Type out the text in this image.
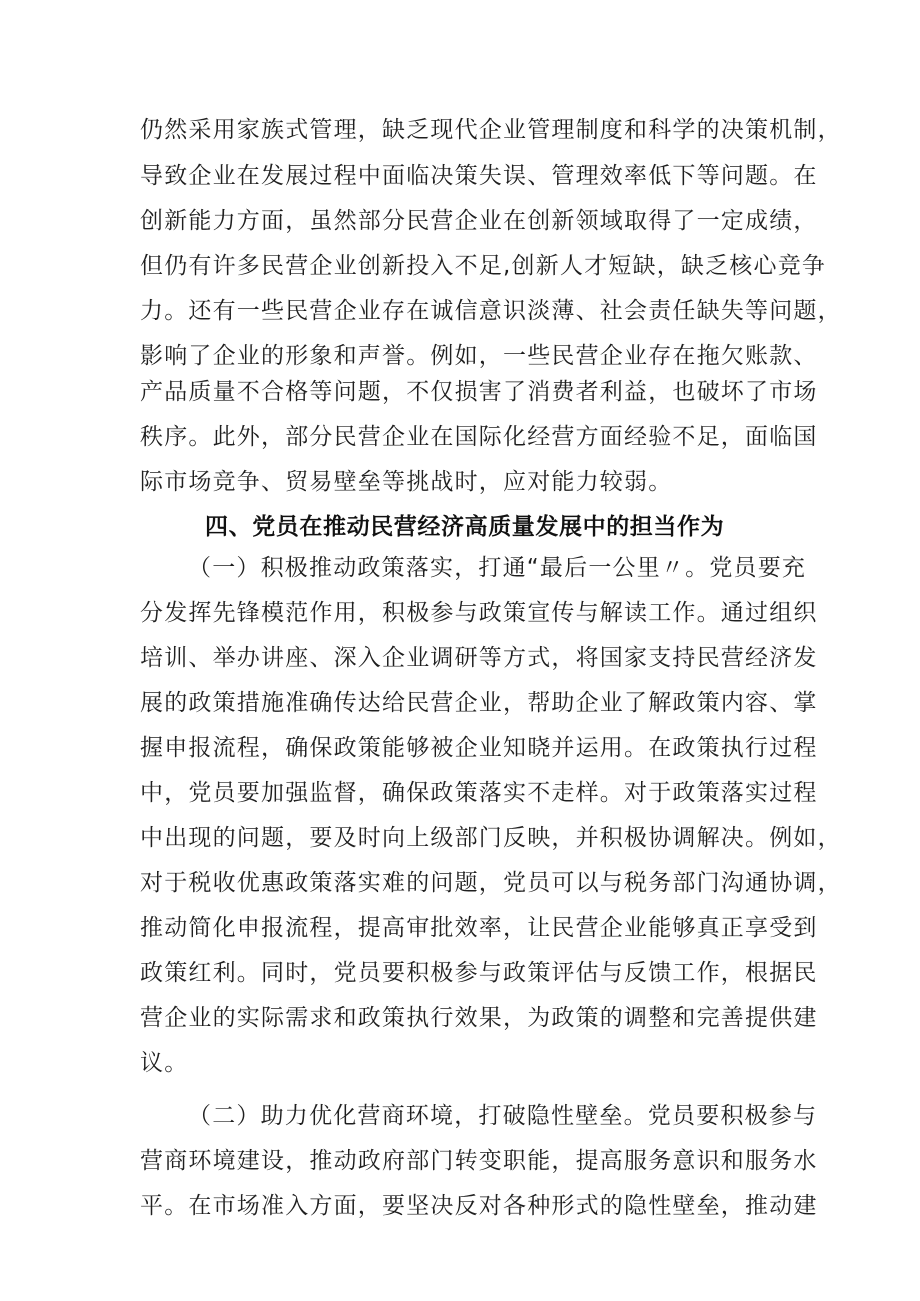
仍然采用家族式管理，缺乏现代企业管理制度和科学的决策机制，

导致企业在发展过程中面临决策失误、管理效率低下等问题。在

创新能力方面，虽然部分民营企业在创新领域取得了一定成绩，

但仍有许多民营企业创新投入不足,创新人才短缺，缺乏核心竞争

力。还有一些民营企业存在诚信意识淡薄、社会责任缺失等问题，

影响了企业的形象和声誉。例如，一些民营企业存在拖欠账款、

产品质量不合格等问题，不仅损害了消费者利益，也破坏了市场

秩序。此外，部分民营企业在国际化经营方面经验不足，面临国

际市场竞争、贸易壁垒等挑战时，应对能力较弱。

四、党员在推动民营经济高质量发展中的担当作为

（一）积极推动政策落实，打通“最后一公里〃。党员要充

分发挥先锋模范作用，积极参与政策宣传与解读工作。通过组织

培训、举办讲座、深入企业调研等方式，将国家支持民营经济发

展的政策措施准确传达给民营企业，帮助企业了解政策内容、掌

握申报流程，确保政策能够被企业知晓并运用。在政策执行过程

中，党员要加强监督，确保政策落实不走样。对于政策落实过程

中出现的问题，要及时向上级部门反映，并积极协调解决。例如，

对于税收优惠政策落实难的问题，党员可以与税务部门沟通协调，

推动简化申报流程，提高审批效率，让民营企业能够真正享受到

政策红利。同时，党员要积极参与政策评估与反馈工作，根据民

营企业的实际需求和政策执行效果，为政策的调整和完善提供建

议。

（二）助力优化营商环境，打破隐性壁垒。党员要积极参与

营商环境建设，推动政府部门转变职能，提高服务意识和服务水

平。在市场准入方面，要坚决反对各种形式的隐性壁垒，推动建
